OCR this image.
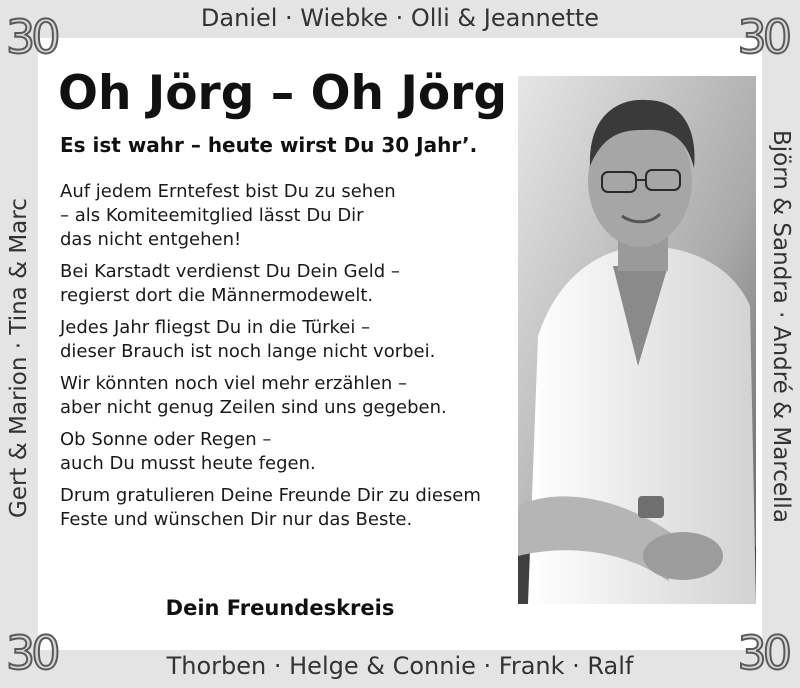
30	30
30	30
Daniel · Wiebke · Olli & Jeannette
Thorben · Helge & Connie · Frank · Ralf
Gert & Marion · Tina & Marc	Björn & Sandra · André & Marcella
Oh Jörg – Oh Jörg

Es ist wahr – heute wirst Du 30 Jahr’.

Auf jedem Erntefest bist Du zu sehen
– als Komiteemitglied lässt Du Dir
das nicht entgehen!

Bei Karstadt verdienst Du Dein Geld –
regierst dort die Männermodewelt.

Jedes Jahr fliegst Du in die Türkei –
dieser Brauch ist noch lange nicht vorbei.

Wir könnten noch viel mehr erzählen –
aber nicht genug Zeilen sind uns gegeben.

Ob Sonne oder Regen –
auch Du musst heute fegen.

Drum gratulieren Deine Freunde Dir zu diesem
Feste und wünschen Dir nur das Beste.

Dein Freundeskreis
